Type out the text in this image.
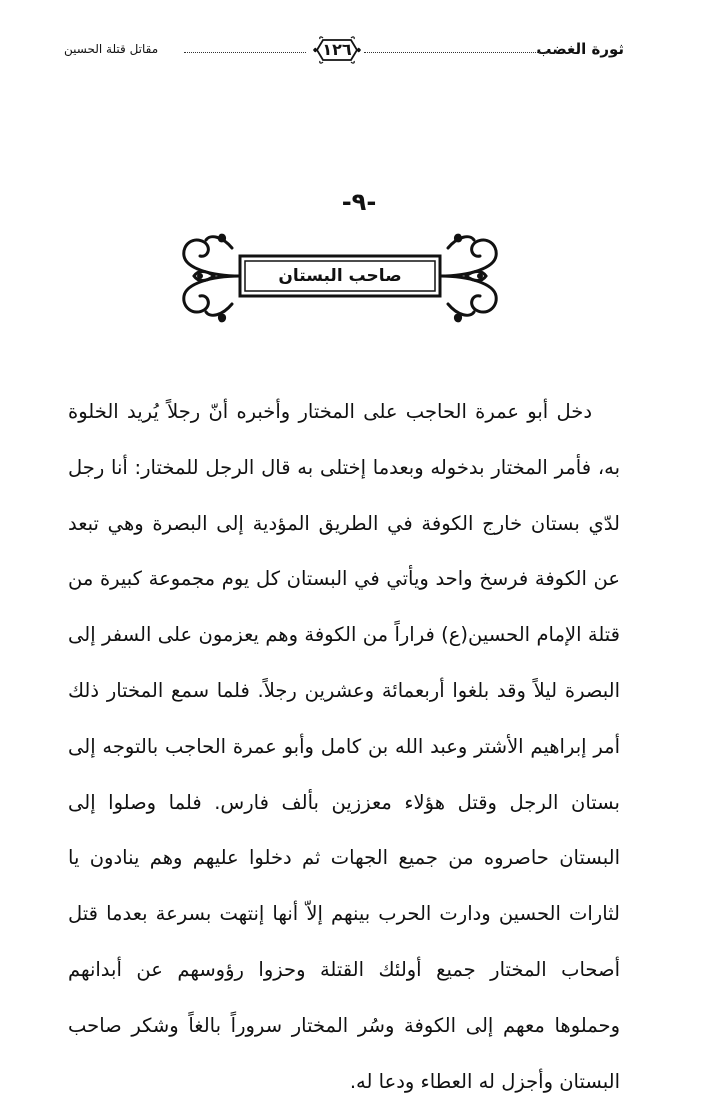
ثورة الغضب
١٢٦
مقاتل قتلة الحسين
-٩-
صاحب البستان

دخل أبو عمرة الحاجب على المختار وأخبره أنّ رجلاً يُريد الخلوة به، فأمر المختار بدخوله وبعدما إختلى به قال الرجل للمختار: أنا رجل لدّي بستان خارج الكوفة في الطريق المؤدية إلى البصرة وهي تبعد عن الكوفة فرسخ واحد ويأتي في البستان كل يوم مجموعة كبيرة من قتلة الإمام الحسين(ع) فراراً من الكوفة وهم يعزمون على السفر إلى البصرة ليلاً وقد بلغوا أربعمائة وعشرين رجلاً. فلما سمع المختار ذلك أمر إبراهيم الأشتر وعبد الله بن كامل وأبو عمرة الحاجب بالتوجه إلى بستان الرجل وقتل هؤلاء معززين بألف فارس. فلما وصلوا إلى البستان حاصروه من جميع الجهات ثم دخلوا عليهم وهم ينادون يا لثارات الحسين ودارت الحرب بينهم إلاّ أنها إنتهت بسرعة بعدما قتل أصحاب المختار جميع أولئك القتلة وحزوا رؤوسهم عن أبدانهم وحملوها معهم إلى الكوفة وسُر المختار سروراً بالغاً وشكر صاحب البستان وأجزل له العطاء ودعا له.
